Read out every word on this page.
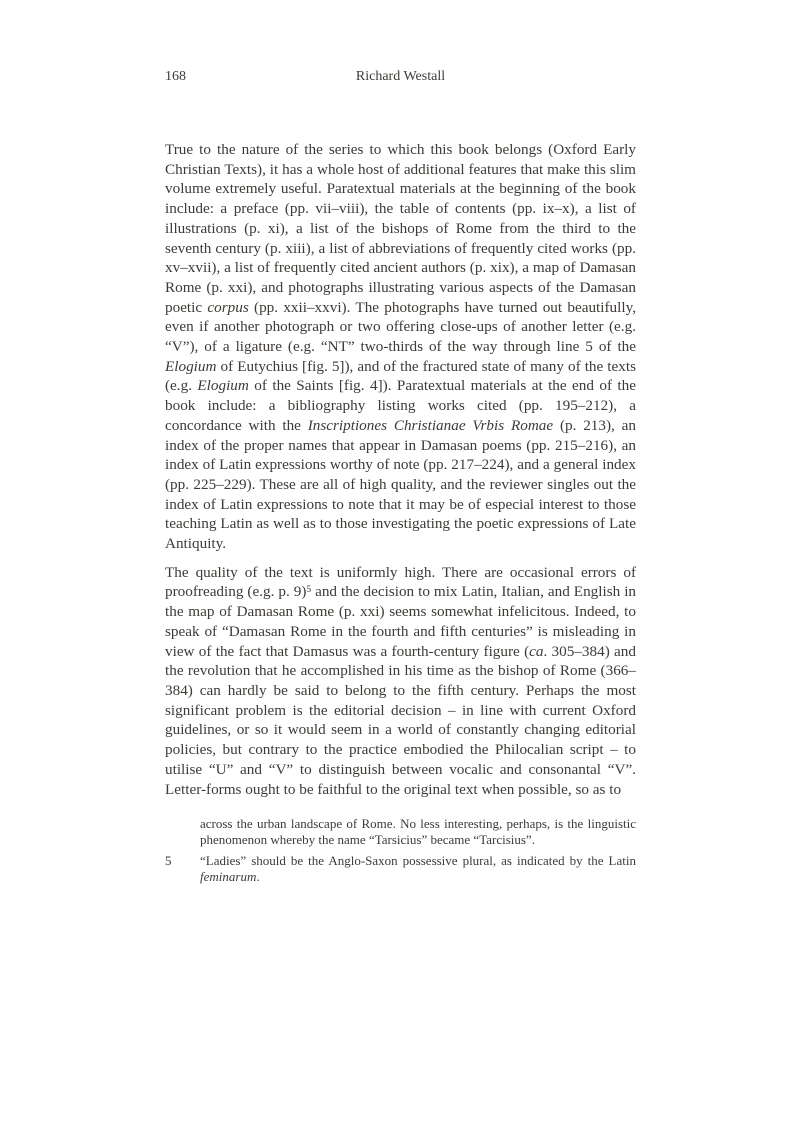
168	Richard Westall

True to the nature of the series to which this book belongs (Oxford Early Christian Texts), it has a whole host of additional features that make this slim volume extremely useful. Paratextual materials at the beginning of the book include: a preface (pp. vii–viii), the table of contents (pp. ix–x), a list of illustrations (p. xi), a list of the bishops of Rome from the third to the seventh century (p. xiii), a list of abbreviations of frequently cited works (pp. xv–xvii), a list of frequently cited ancient authors (p. xix), a map of Damasan Rome (p. xxi), and photographs illustrating various aspects of the Damasan poetic corpus (pp. xxii–xxvi). The photographs have turned out beautifully, even if another photograph or two offering close-ups of another letter (e.g. “V”), of a ligature (e.g. “NT” two-thirds of the way through line 5 of the Elogium of Eutychius [fig. 5]), and of the fractured state of many of the texts (e.g. Elogium of the Saints [fig. 4]). Paratextual materials at the end of the book include: a bibliography listing works cited (pp. 195–212), a concordance with the Inscriptiones Christianae Vrbis Romae (p. 213), an index of the proper names that appear in Damasan poems (pp. 215–216), an index of Latin expressions worthy of note (pp. 217–224), and a general index (pp. 225–229). These are all of high quality, and the reviewer singles out the index of Latin expressions to note that it may be of especial interest to those teaching Latin as well as to those investigating the poetic expressions of Late Antiquity.

The quality of the text is uniformly high. There are occasional errors of proofreading (e.g. p. 9)$^5$ and the decision to mix Latin, Italian, and English in the map of Damasan Rome (p. xxi) seems somewhat infelicitous. Indeed, to speak of “Damasan Rome in the fourth and fifth centuries” is misleading in view of the fact that Damasus was a fourth-century figure (ca. 305–384) and the revolution that he accomplished in his time as the bishop of Rome (366–384) can hardly be said to belong to the fifth century. Perhaps the most significant problem is the editorial decision – in line with current Oxford guidelines, or so it would seem in a world of constantly changing editorial policies, but contrary to the practice embodied the Philocalian script – to utilise “U” and “V” to distinguish between vocalic and consonantal “V”. Letter-forms ought to be faithful to the original text when possible, so as to

across the urban landscape of Rome. No less interesting, perhaps, is the linguistic phenomenon whereby the name “Tarsicius” became “Tarcisius”.
5	“Ladies” should be the Anglo-Saxon possessive plural, as indicated by the Latin feminarum.
